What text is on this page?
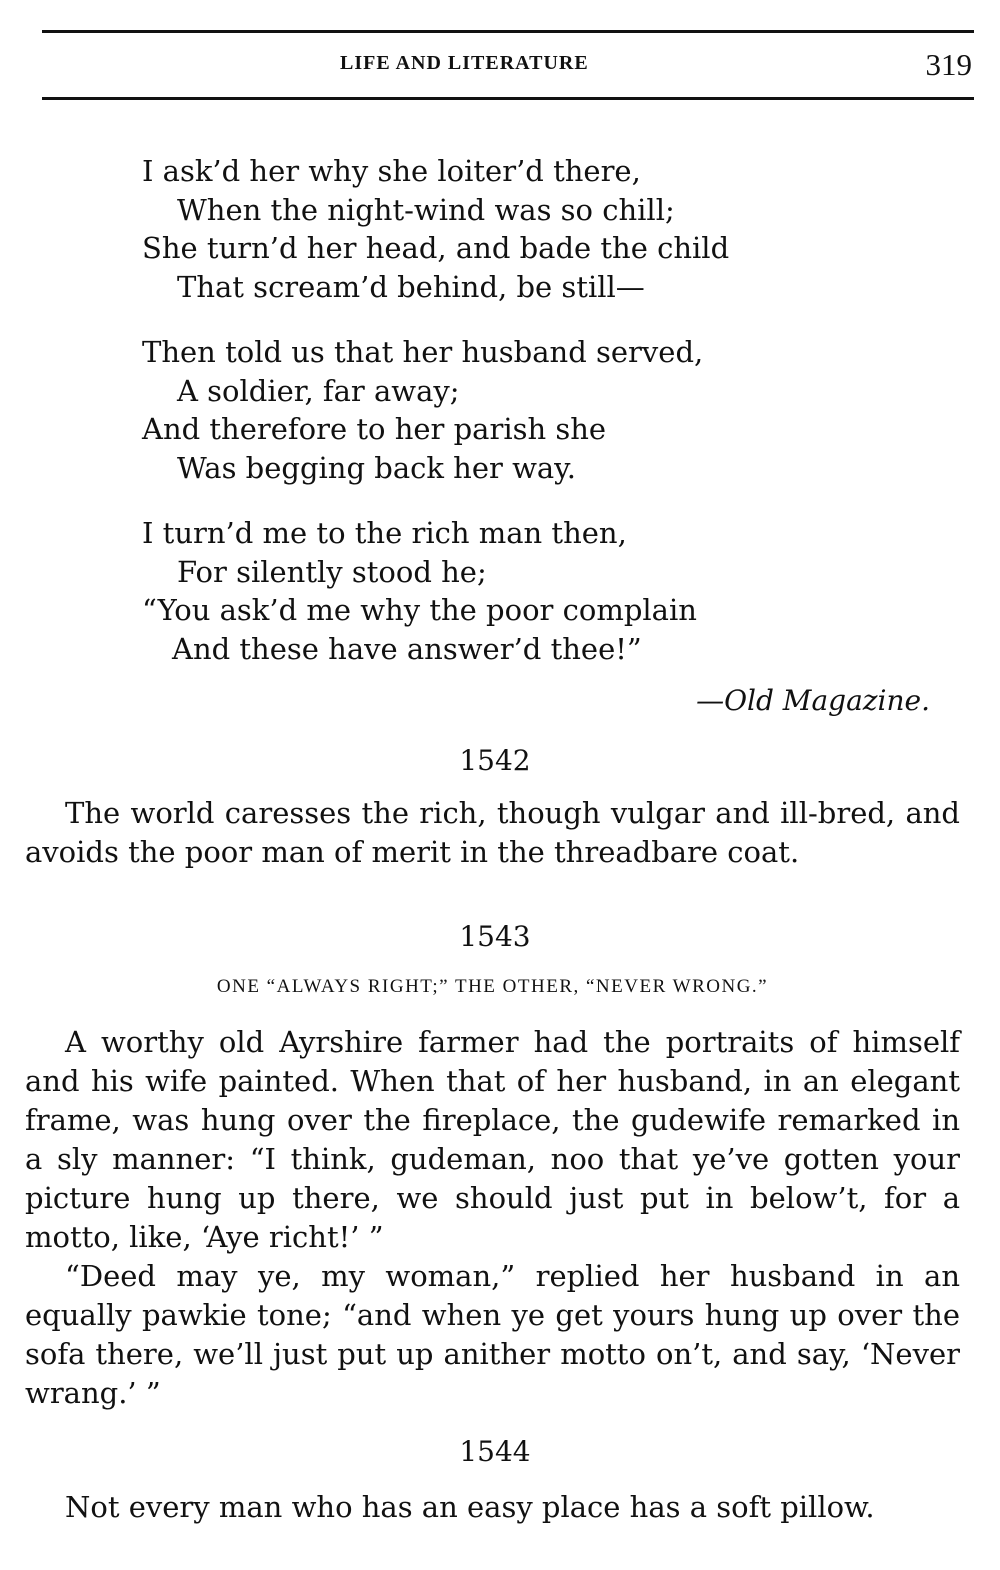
LIFE AND LITERATURE	319
I ask’d her why she loiter’d there,
When the night-wind was so chill;
She turn’d her head, and bade the child
That scream’d behind, be still—
Then told us that her husband served,
A soldier, far away;
And therefore to her parish she
Was begging back her way.
I turn’d me to the rich man then,
For silently stood he;
“You ask’d me why the poor complain
And these have answer’d thee!”
—Old Magazine.
1542

The world caresses the rich, though vulgar and ill-bred, and avoids the poor man of merit in the threadbare coat.

1543
ONE “ALWAYS RIGHT;” THE OTHER, “NEVER WRONG.”

A worthy old Ayrshire farmer had the portraits of himself and his wife painted. When that of her husband, in an elegant frame, was hung over the fireplace, the gudewife remarked in a sly manner: “I think, gudeman, noo that ye’ve gotten your picture hung up there, we should just put in below’t, for a motto, like, ‘Aye richt!’ ”

“Deed may ye, my woman,” replied her husband in an equally pawkie tone; “and when ye get yours hung up over the sofa there, we’ll just put up anither motto on’t, and say, ‘Never wrang.’ ”

1544

Not every man who has an easy place has a soft pillow.
